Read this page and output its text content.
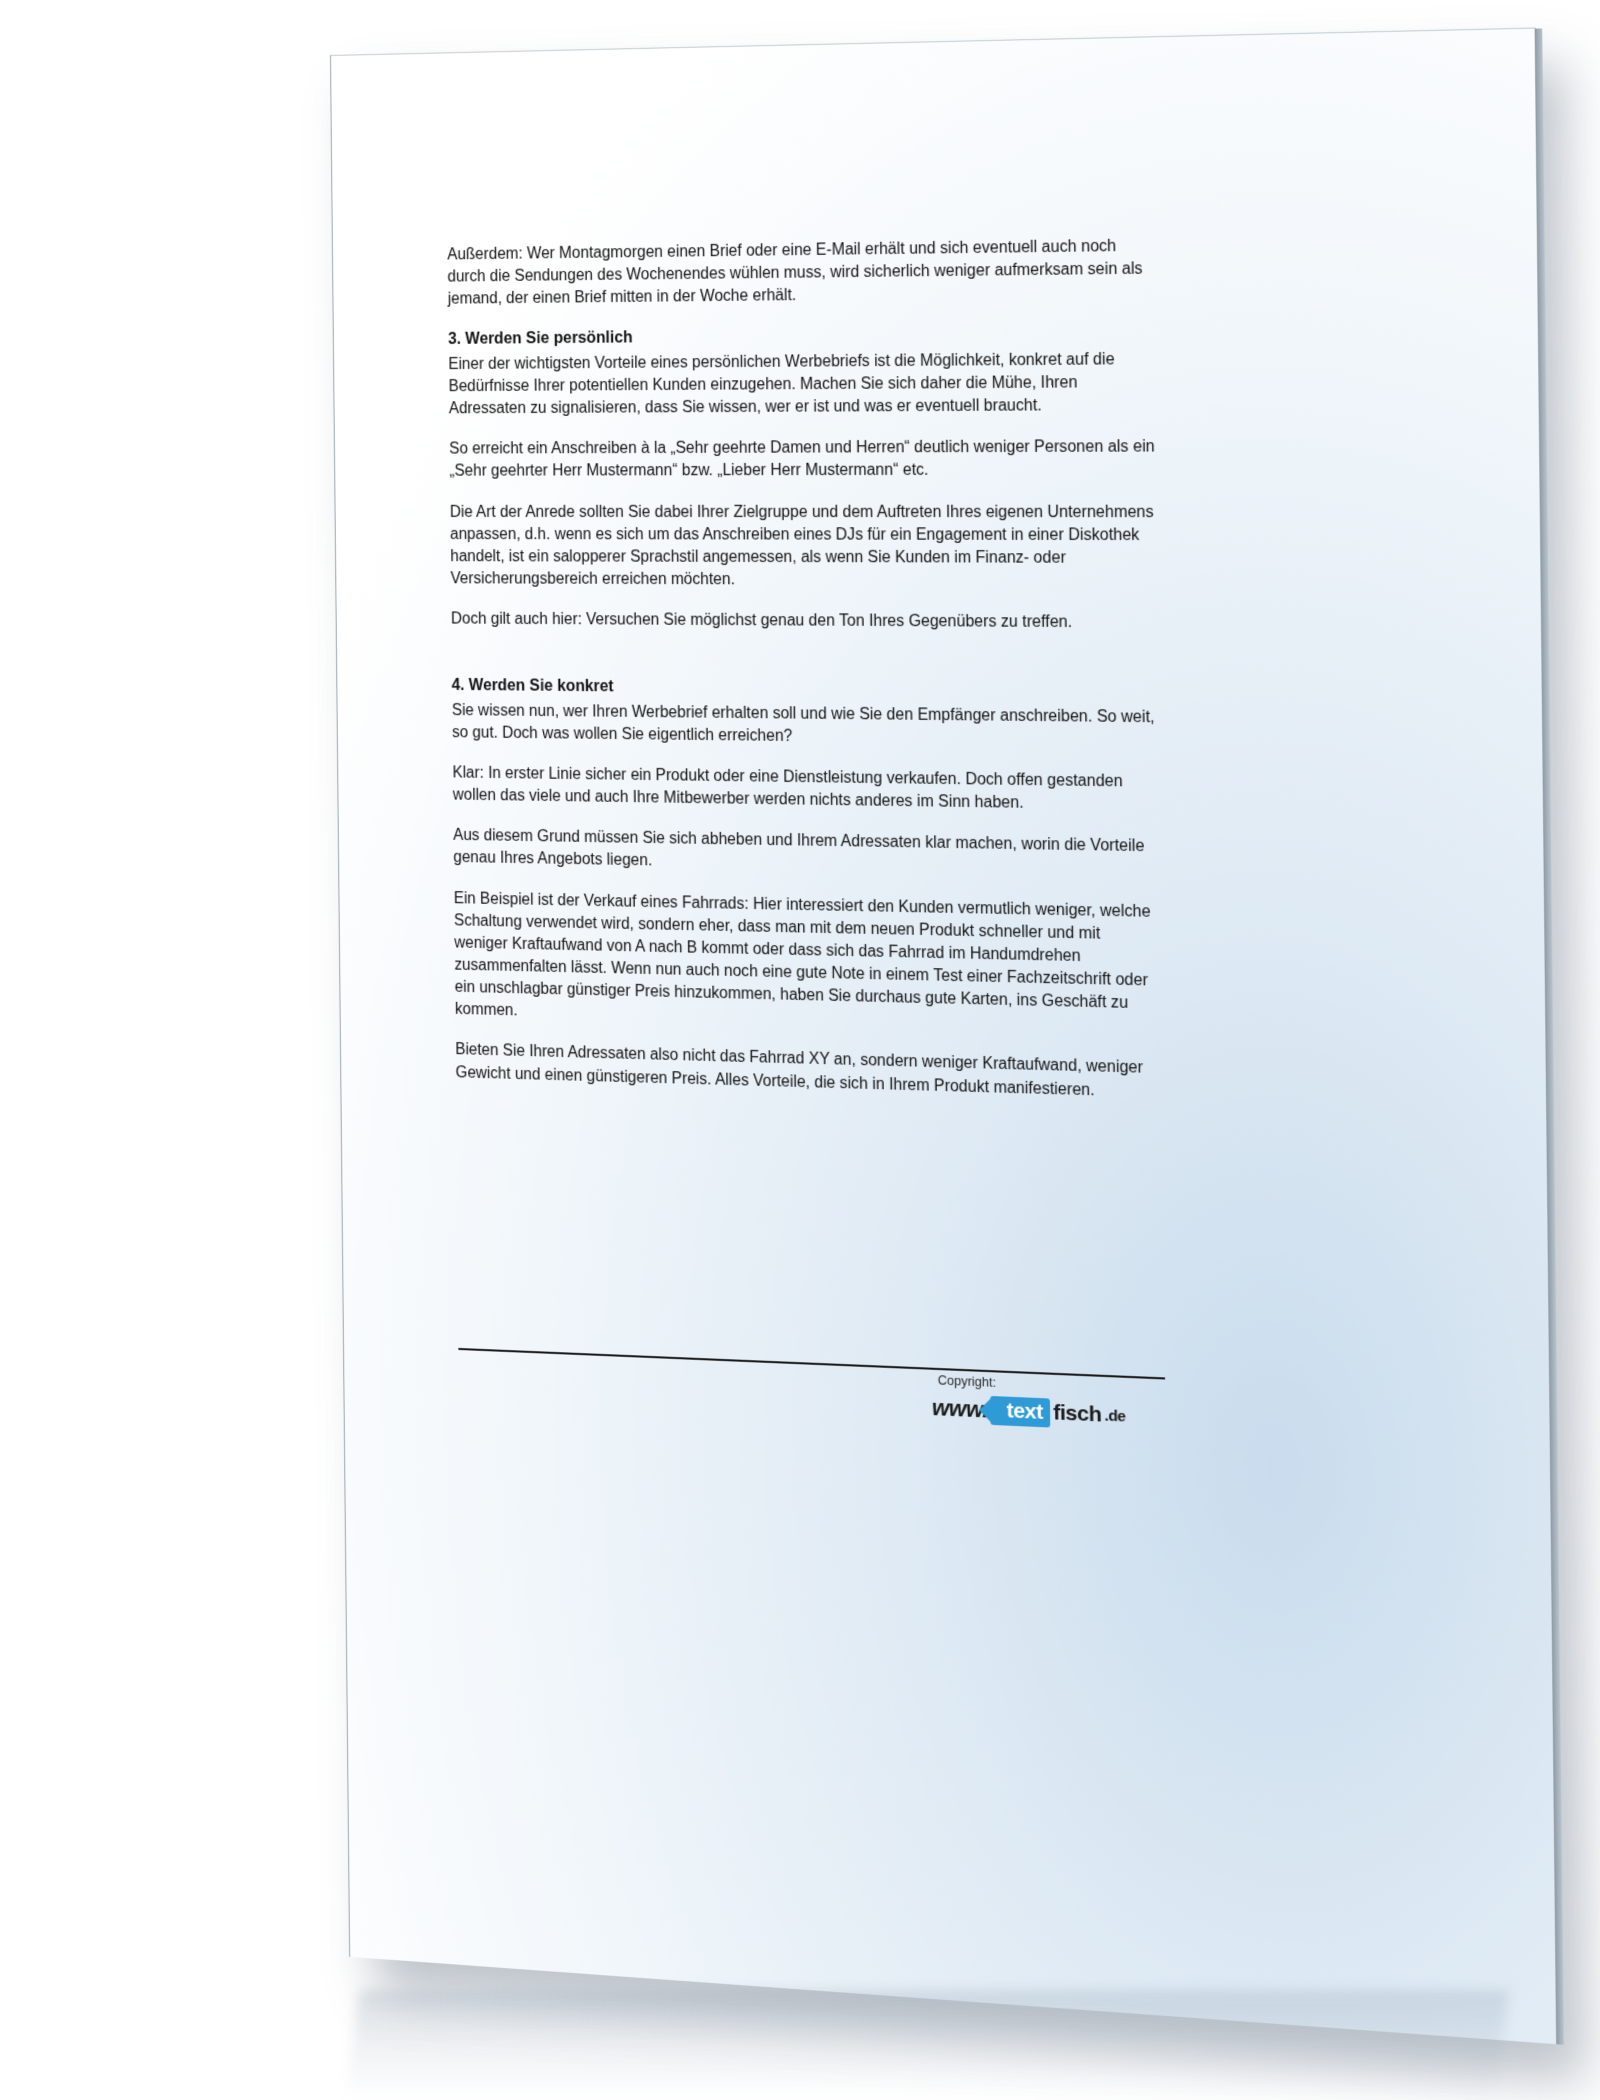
Außerdem: Wer Montagmorgen einen Brief oder eine E-Mail erhält und sich eventuell auch noch durch die Sendungen des Wochenendes wühlen muss, wird sicherlich weniger aufmerksam sein als jemand, der einen Brief mitten in der Woche erhält.

3. Werden Sie persönlich

Einer der wichtigsten Vorteile eines persönlichen Werbebriefs ist die Möglichkeit, konkret auf die Bedürfnisse Ihrer potentiellen Kunden einzugehen. Machen Sie sich daher die Mühe, Ihren Adressaten zu signalisieren, dass Sie wissen, wer er ist und was er eventuell braucht.

So erreicht ein Anschreiben à la „Sehr geehrte Damen und Herren“ deutlich weniger Personen als ein „Sehr geehrter Herr Mustermann“ bzw. „Lieber Herr Mustermann“ etc.

Die Art der Anrede sollten Sie dabei Ihrer Zielgruppe und dem Auftreten Ihres eigenen Unternehmens anpassen, d.h. wenn es sich um das Anschreiben eines DJs für ein Engagement in einer Diskothek handelt, ist ein salopperer Sprachstil angemessen, als wenn Sie Kunden im Finanz- oder Versicherungsbereich erreichen möchten.

Doch gilt auch hier: Versuchen Sie möglichst genau den Ton Ihres Gegenübers zu treffen.

4. Werden Sie konkret

Sie wissen nun, wer Ihren Werbebrief erhalten soll und wie Sie den Empfänger anschreiben. So weit, so gut. Doch was wollen Sie eigentlich erreichen?

Klar: In erster Linie sicher ein Produkt oder eine Dienstleistung verkaufen. Doch offen gestanden wollen das viele und auch Ihre Mitbewerber werden nichts anderes im Sinn haben.

Aus diesem Grund müssen Sie sich abheben und Ihrem Adressaten klar machen, worin die Vorteile genau Ihres Angebots liegen.

Ein Beispiel ist der Verkauf eines Fahrrads: Hier interessiert den Kunden vermutlich weniger, welche Schaltung verwendet wird, sondern eher, dass man mit dem neuen Produkt schneller und mit weniger Kraftaufwand von A nach B kommt oder dass sich das Fahrrad im Handumdrehen zusammenfalten lässt. Wenn nun auch noch eine gute Note in einem Test einer Fachzeitschrift oder ein unschlagbar günstiger Preis hinzukommen, haben Sie durchaus gute Karten, ins Geschäft zu kommen.

Bieten Sie Ihren Adressaten also nicht das Fahrrad XY an, sondern weniger Kraftaufwand, weniger Gewicht und einen günstigeren Preis. Alles Vorteile, die sich in Ihrem Produkt manifestieren.

Copyright:
www. text fisch .de
